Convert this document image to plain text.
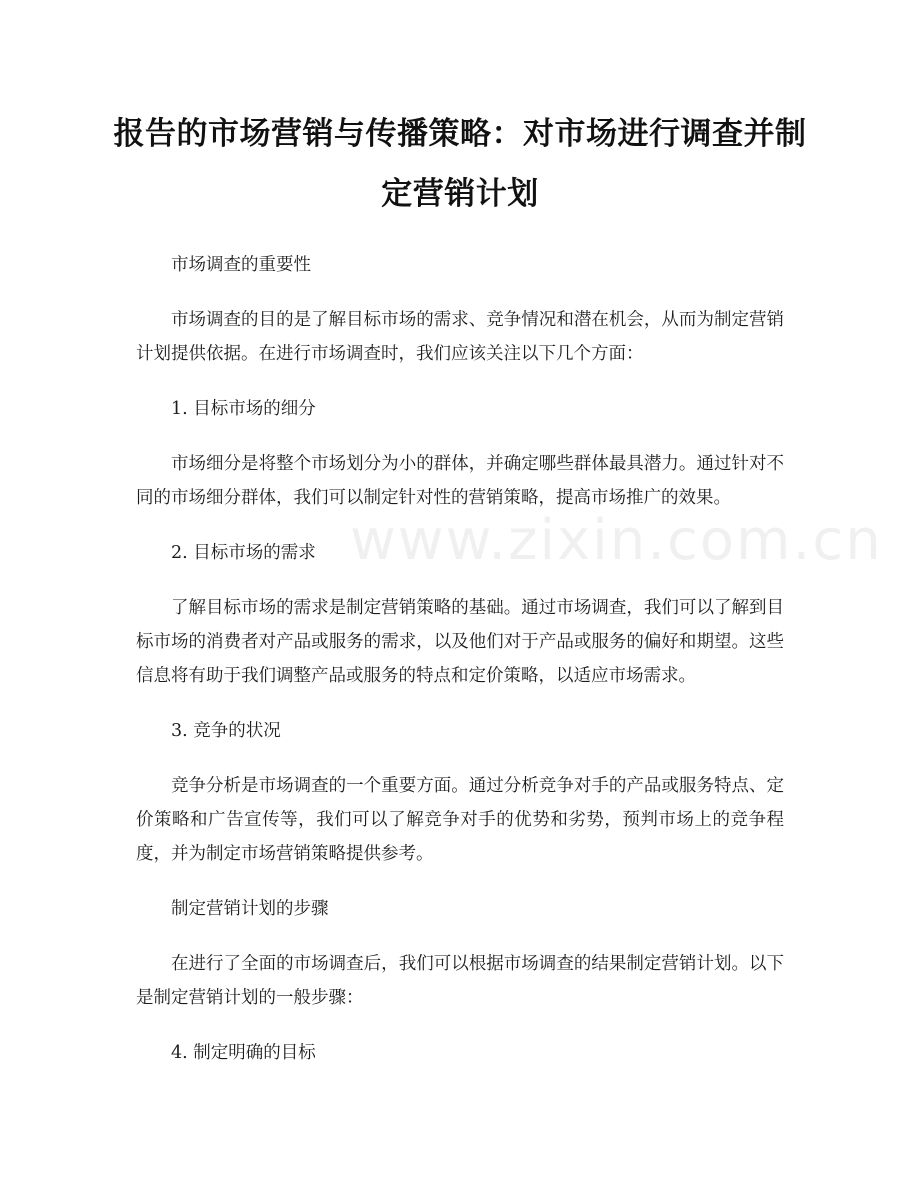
报告的市场营销与传播策略：对市场进行调查并制定营销计划
www.zixin.com.cn
市场调查的重要性
市场调查的目的是了解目标市场的需求、竞争情况和潜在机会，从而为制定营销计划提供依据。在进行市场调查时，我们应该关注以下几个方面：
1. 目标市场的细分
市场细分是将整个市场划分为小的群体，并确定哪些群体最具潜力。通过针对不同的市场细分群体，我们可以制定针对性的营销策略，提高市场推广的效果。
2. 目标市场的需求
了解目标市场的需求是制定营销策略的基础。通过市场调查，我们可以了解到目标市场的消费者对产品或服务的需求，以及他们对于产品或服务的偏好和期望。这些信息将有助于我们调整产品或服务的特点和定价策略，以适应市场需求。
3. 竞争的状况
竞争分析是市场调查的一个重要方面。通过分析竞争对手的产品或服务特点、定价策略和广告宣传等，我们可以了解竞争对手的优势和劣势，预判市场上的竞争程度，并为制定市场营销策略提供参考。
制定营销计划的步骤
在进行了全面的市场调查后，我们可以根据市场调查的结果制定营销计划。以下是制定营销计划的一般步骤：
4. 制定明确的目标
